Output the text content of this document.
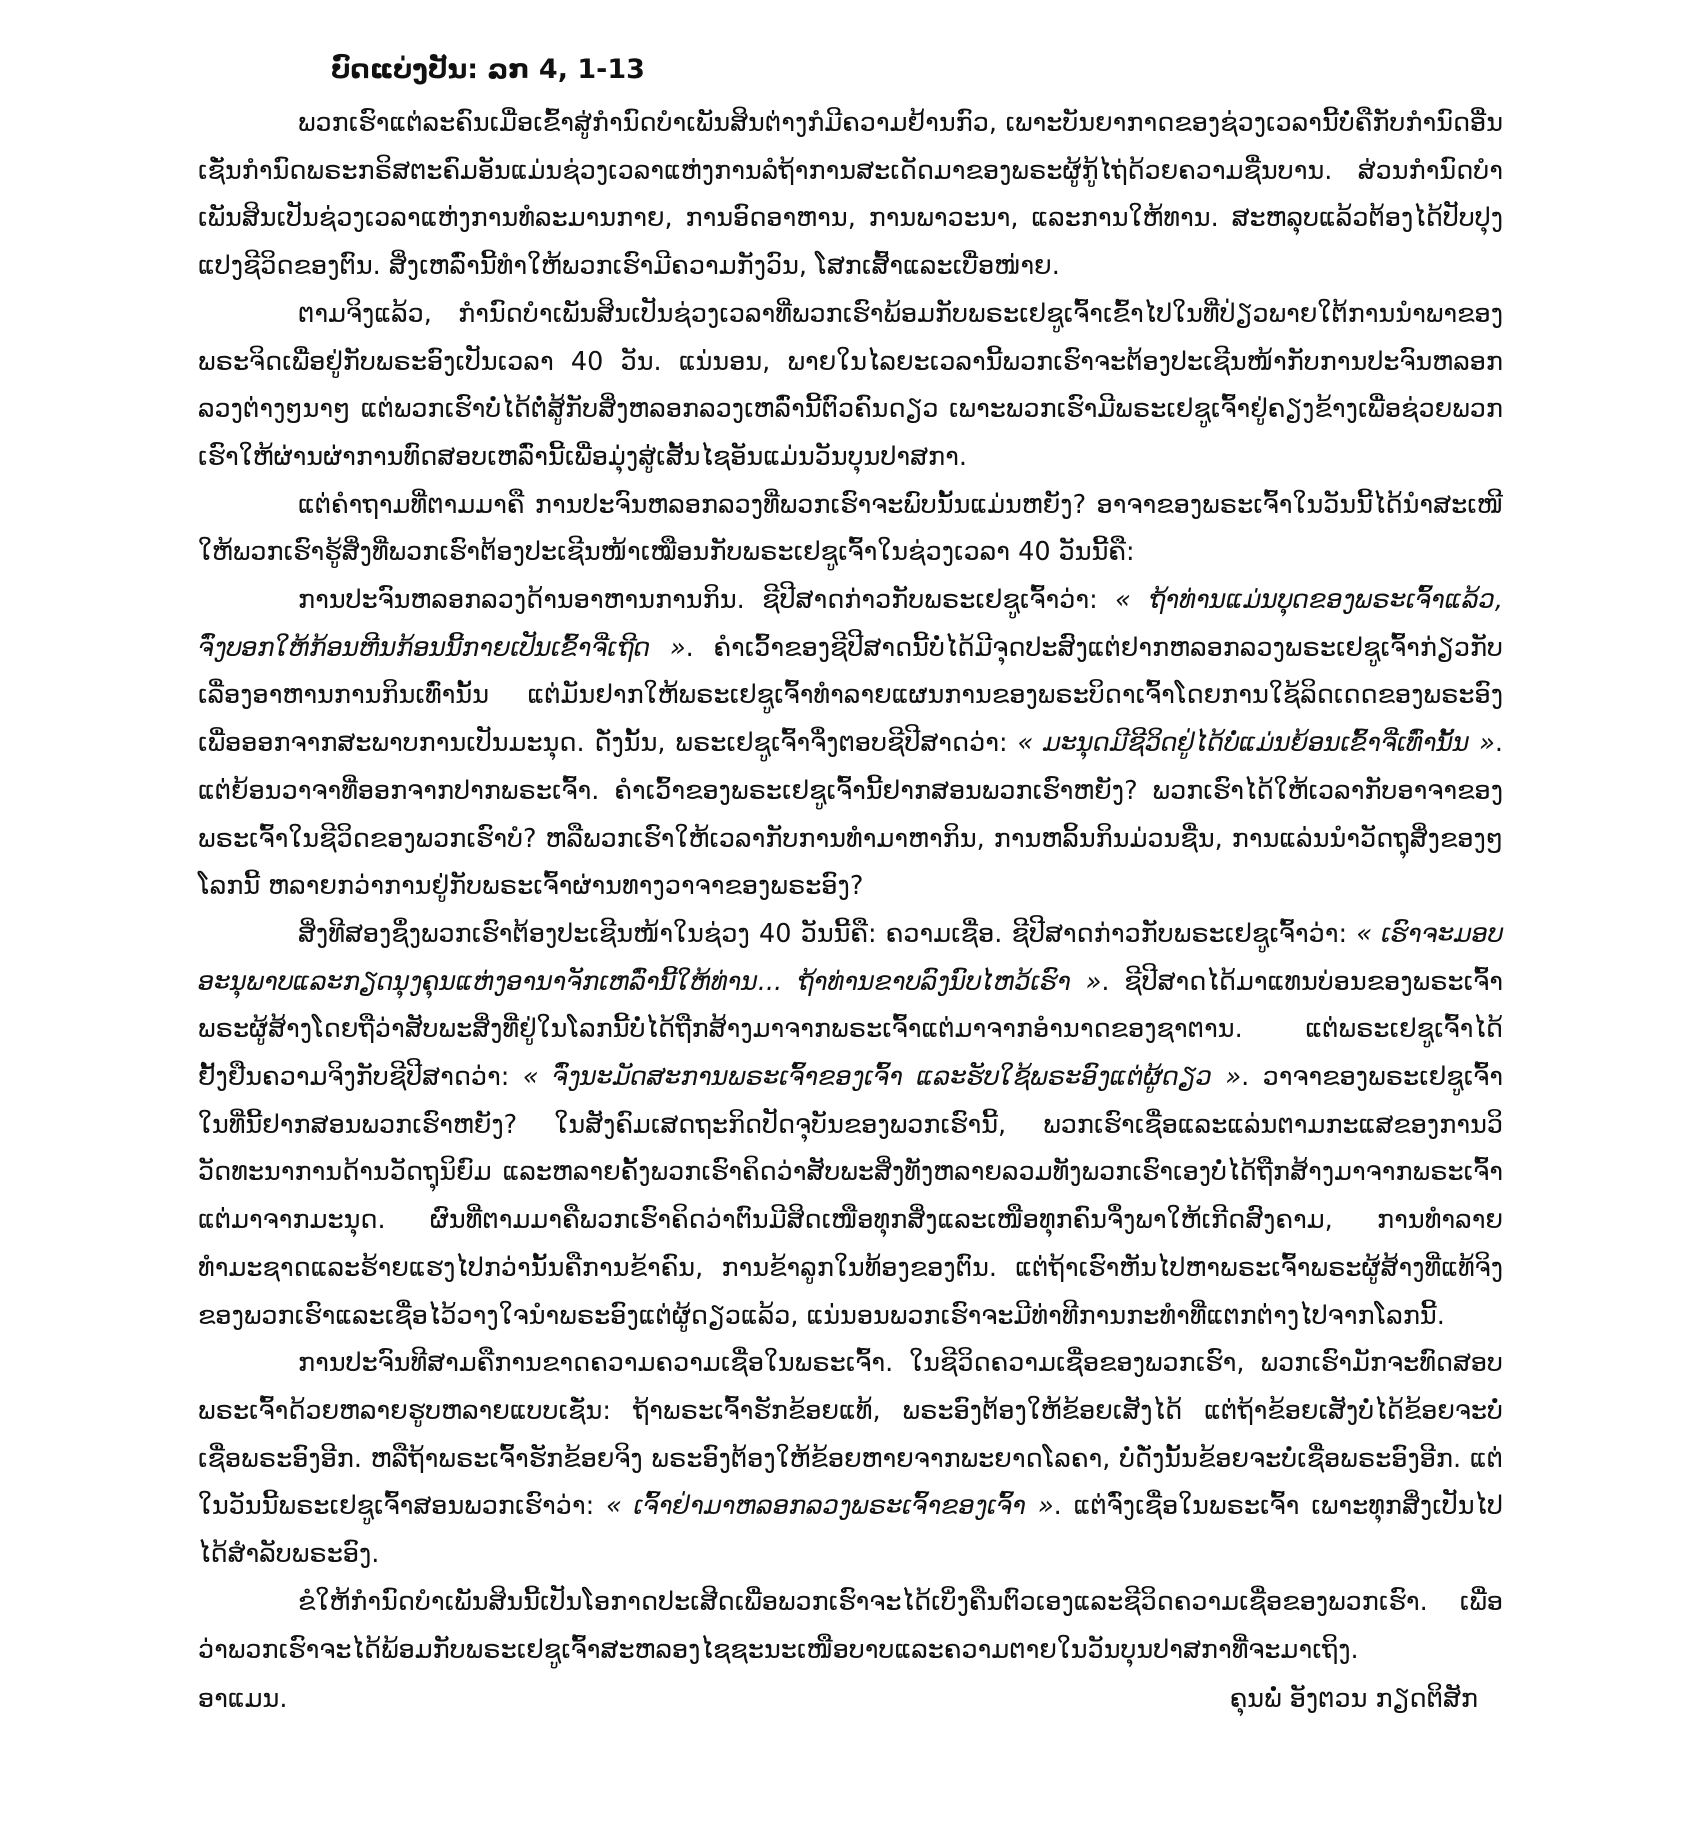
ບົດແບ່ງປັນ: ລກ 4, 1-13

ພວກເຮົາແຕ່ລະຄົນເມື່ອເຂົ້າສູ່ກຳນົດບຳເພັນສິນຕ່າງກໍມີຄວາມຢ້ານກົວ, ເພາະບັນຍາກາດຂອງຊ່ວງເວລານີ້ບໍ່ຄືກັບກຳນົດອື່ນ ເຊັ່ນກຳນົດພຣະກຣິສຕະຄົມອັນແມ່ນຊ່ວງເວລາແຫ່ງການລໍຖ້າການສະເດັດມາຂອງພຣະຜູ້ກູ້ໄຖ່ດ້ວຍຄວາມຊື່ນບານ. ສ່ວນກຳນົດບຳເພັນສິນເປັນຊ່ວງເວລາແຫ່ງການທໍລະມານກາຍ, ການອົດອາຫານ, ການພາວະນາ, ແລະການໃຫ້ທານ. ສະຫລຸບແລ້ວຕ້ອງໄດ້ປັບປຸງແປງຊີວິດຂອງຕົນ. ສິ່ງເຫລົ່ານີ້ທຳໃຫ້ພວກເຮົາມີຄວາມກັງວົນ, ໂສກເສົ້າແລະເບື່ອໜ່າຍ.

ຕາມຈິງແລ້ວ, ກຳນົດບຳເພັນສິນເປັນຊ່ວງເວລາທີ່ພວກເຮົາພ້ອມກັບພຣະເຢຊູເຈົ້າເຂົ້າໄປໃນທີ່ປ່ຽວພາຍໃຕ້ການນຳພາຂອງພຣະຈິດເພື່ອຢູ່ກັບພຣະອົງເປັນເວລາ 40 ວັນ. ແນ່ນອນ, ພາຍໃນໄລຍະເວລານີ້ພວກເຮົາຈະຕ້ອງປະເຊີນໜ້າກັບການປະຈົນຫລອກລວງຕ່າງໆນາໆ ແຕ່ພວກເຮົາບໍ່ໄດ້ຕໍ່ສູ້ກັບສິ່ງຫລອກລວງເຫລົ່ານີ້ຕົວຄົນດຽວ ເພາະພວກເຮົາມີພຣະເຢຊູເຈົ້າຢູ່ຄຽງຂ້າງເພື່ອຊ່ວຍພວກເຮົາໃຫ້ຜ່ານຜ່າການທົດສອບເຫລົ່ານີ້ເພື່ອມຸ່ງສູ່ເສັ້ນໄຊອັນແມ່ນວັນບຸນປາສກາ.

ແຕ່ຄຳຖາມທີ່ຕາມມາຄື ການປະຈົນຫລອກລວງທີ່ພວກເຮົາຈະພົບນັ້ນແມ່ນຫຍັງ? ອາຈາຂອງພຣະເຈົ້າໃນວັນນີ້ໄດ້ນຳສະເໜີໃຫ້ພວກເຮົາຮູ້ສິ່ງທີ່ພວກເຮົາຕ້ອງປະເຊີນໜ້າເໝືອນກັບພຣະເຢຊູເຈົ້າໃນຊ່ວງເວລາ 40 ວັນນີ້ຄື:

ການປະຈົນຫລອກລວງດ້ານອາຫານການກິນ. ຊີປີສາດກ່າວກັບພຣະເຢຊູເຈົ້າວ່າ: « ຖ້າທ່ານແມ່ນບຸດຂອງພຣະເຈົ້າແລ້ວ, ຈົ່ງບອກໃຫ້ກ້ອນຫີນກ້ອນນີ້ກາຍເປັນເຂົ້າຈີ່ເຖີດ ». ຄຳເວົ້າຂອງຊີປີສາດນີ້ບໍ່ໄດ້ມີຈຸດປະສົງແຕ່ຢາກຫລອກລວງພຣະເຢຊູເຈົ້າກ່ຽວກັບເລື່ອງອາຫານການກິນເທົ່ານັ້ນ ແຕ່ມັນຢາກໃຫ້ພຣະເຢຊູເຈົ້າທຳລາຍແຜນການຂອງພຣະບິດາເຈົ້າໂດຍການໃຊ້ລິດເດດຂອງພຣະອົງເພື່ອອອກຈາກສະພາບການເປັນມະນຸດ. ດັ່ງນັ້ນ, ພຣະເຢຊູເຈົ້າຈຶ່ງຕອບຊີປີສາດວ່າ: « ມະນຸດມີຊີວິດຢູ່ໄດ້ບໍ່ແມ່ນຍ້ອນເຂົ້າຈີ່ເທົ່ານັ້ນ ». ແຕ່ຍ້ອນວາຈາທີ່ອອກຈາກປາກພຣະເຈົ້າ. ຄຳເວົ້າຂອງພຣະເຢຊູເຈົ້ານີ້ຢາກສອນພວກເຮົາຫຍັງ? ພວກເຮົາໄດ້ໃຫ້ເວລາກັບອາຈາຂອງພຣະເຈົ້າໃນຊີວິດຂອງພວກເຮົາບໍ? ຫລືພວກເຮົາໃຫ້ເວລາກັບການທຳມາຫາກິນ, ການຫລິ້ນກິນມ່ວນຊື່ນ, ການແລ່ນນຳວັດຖຸສິ່ງຂອງໆໂລກນີ້ ຫລາຍກວ່າການຢູ່ກັບພຣະເຈົ້າຜ່ານທາງວາຈາຂອງພຣະອົງ?

ສິ່ງທີສອງຊຶ່ງພວກເຮົາຕ້ອງປະເຊີນໜ້າໃນຊ່ວງ 40 ວັນນີ້ຄື: ຄວາມເຊື່ອ. ຊີປີສາດກ່າວກັບພຣະເຢຊູເຈົ້າວ່າ: « ເຮົາຈະມອບອະນຸພາບແລະກຽດນຸງຄຸນແຫ່ງອານາຈັກເຫລົ່ານີ້ໃຫ້ທ່ານ... ຖ້າທ່ານຂາບລົງນົບໄຫວ້ເຮົາ ». ຊີປີສາດໄດ້ມາແທນບ່ອນຂອງພຣະເຈົ້າພຣະຜູ້ສ້າງໂດຍຖືວ່າສັບພະສິ່ງທີ່ຢູ່ໃນໂລກນີ້ບໍ່ໄດ້ຖືກສ້າງມາຈາກພຣະເຈົ້າແຕ່ມາຈາກອຳນາດຂອງຊາຕານ. ແຕ່ພຣະເຢຊູເຈົ້າໄດ້ຢັ້ງຢືນຄວາມຈິງກັບຊີປີສາດວ່າ: « ຈົ່ງນະມັດສະການພຣະເຈົ້າຂອງເຈົ້າ ແລະຮັບໃຊ້ພຣະອົງແຕ່ຜູ້ດຽວ ». ວາຈາຂອງພຣະເຢຊູເຈົ້າໃນທີ່ນີ້ຢາກສອນພວກເຮົາຫຍັງ? ໃນສັງຄົມເສດຖະກິດປັດຈຸບັນຂອງພວກເຮົານີ້, ພວກເຮົາເຊື່ອແລະແລ່ນຕາມກະແສຂອງການວິວັດທະນາການດ້ານວັດຖຸນິຍົມ ແລະຫລາຍຄັ້ງພວກເຮົາຄິດວ່າສັບພະສິ່ງທັງຫລາຍລວມທັງພວກເຮົາເອງບໍ່ໄດ້ຖືກສ້າງມາຈາກພຣະເຈົ້າ ແຕ່ມາຈາກມະນຸດ. ຜົນທີ່ຕາມມາຄືພວກເຮົາຄິດວ່າຕົນມີສິດເໜືອທຸກສິ່ງແລະເໜືອທຸກຄົນຈຶ່ງພາໃຫ້ເກີດສົງຄາມ, ການທຳລາຍທຳມະຊາດແລະຮ້າຍແຮງໄປກວ່ານັ້ນຄືການຂ້າຄົນ, ການຂ້າລູກໃນທ້ອງຂອງຕົນ. ແຕ່ຖ້າເຮົາຫັນໄປຫາພຣະເຈົ້າພຣະຜູ້ສ້າງທີ່ແທ້ຈິງຂອງພວກເຮົາແລະເຊື່ອໄວ້ວາງໃຈນຳພຣະອົງແຕ່ຜູ້ດຽວແລ້ວ, ແນ່ນອນພວກເຮົາຈະມີທ່າທີການກະທຳທີ່ແຕກຕ່າງໄປຈາກໂລກນີ້.

ການປະຈົນທີສາມຄືການຂາດຄວາມຄວາມເຊື່ອໃນພຣະເຈົ້າ. ໃນຊີວິດຄວາມເຊື່ອຂອງພວກເຮົາ, ພວກເຮົາມັກຈະທົດສອບພຣະເຈົ້າດ້ວຍຫລາຍຮູບຫລາຍແບບເຊັ່ນ: ຖ້າພຣະເຈົ້າຮັກຂ້ອຍແທ້, ພຣະອົງຕ້ອງໃຫ້ຂ້ອຍເສັງໄດ້ ແຕ່ຖ້າຂ້ອຍເສັງບໍ່ໄດ້ຂ້ອຍຈະບໍ່ເຊື່ອພຣະອົງອີກ. ຫລືຖ້າພຣະເຈົ້າຮັກຂ້ອຍຈິງ ພຣະອົງຕ້ອງໃຫ້ຂ້ອຍຫາຍຈາກພະຍາດໂລຄາ, ບໍ່ດັ່ງນັ້ນຂ້ອຍຈະບໍ່ເຊື່ອພຣະອົງອີກ. ແຕ່ໃນວັນນີ້ພຣະເຢຊູເຈົ້າສອນພວກເຮົາວ່າ: « ເຈົ້າຢ່າມາຫລອກລວງພຣະເຈົ້າຂອງເຈົ້າ ». ແຕ່ຈົ່ງເຊື່ອໃນພຣະເຈົ້າ ເພາະທຸກສິ່ງເປັນໄປໄດ້ສຳລັບພຣະອົງ.

ຂໍໃຫ້ກຳນົດບຳເພັນສິນນີ້ເປັນໂອກາດປະເສີດເພື່ອພວກເຮົາຈະໄດ້ເບິ່ງຄືນຕົວເອງແລະຊີວິດຄວາມເຊື່ອຂອງພວກເຮົາ. ເພື່ອວ່າພວກເຮົາຈະໄດ້ພ້ອມກັບພຣະເຢຊູເຈົ້າສະຫລອງໄຊຊະນະເໜືອບາບແລະຄວາມຕາຍໃນວັນບຸນປາສກາທີ່ຈະມາເຖິງ.

ອາແມນ.	ຄຸນພໍ່ ອັງຕວນ ກຽດຕິສັກ
